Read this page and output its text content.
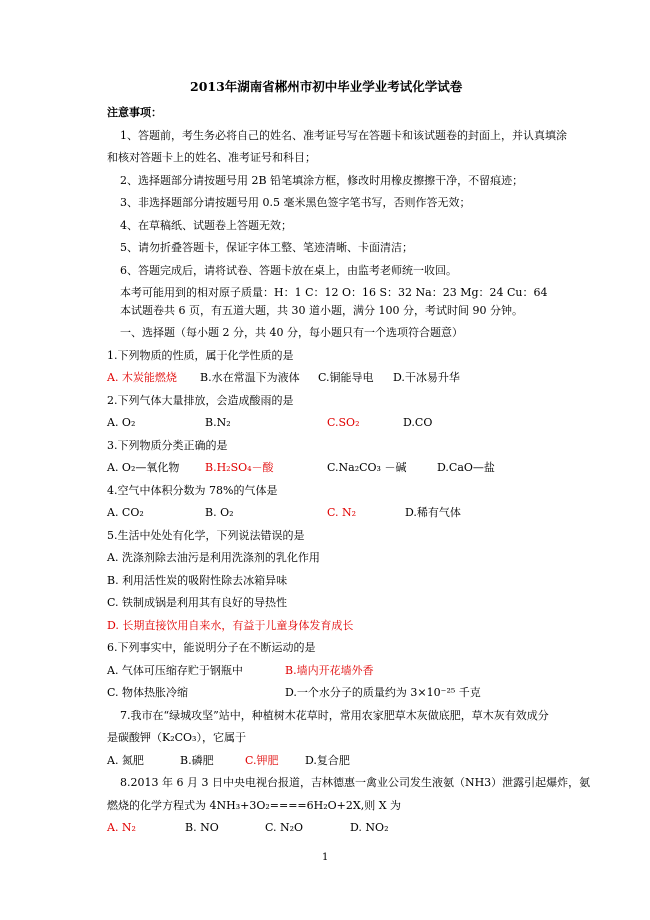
2013年湖南省郴州市初中毕业学业考试化学试卷
注意事项：
1、答题前，考生务必将自己的姓名、准考证号写在答题卡和该试题卷的封面上，并认真填涂
和核对答题卡上的姓名、准考证号和科目；
2、选择题部分请按题号用 2B 铅笔填涂方框，修改时用橡皮擦擦干净，不留痕迹；
3、非选择题部分请按题号用 0.5 毫米黑色签字笔书写，否则作答无效；
4、在草稿纸、试题卷上答题无效；
5、请勿折叠答题卡，保证字体工整、笔迹清晰、卡面清洁；
6、答题完成后，请将试卷、答题卡放在桌上，由监考老师统一收回。
本考可能用到的相对原子质量：H：1 C：12 O：16 S：32 Na：23 Mg：24 Cu：64
本试题卷共 6 页，有五道大题，共 30 道小题，满分 100 分，考试时间 90 分钟。
一、选择题（每小题 2 分，共 40 分，每小题只有一个选项符合题意）
1.下列物质的性质，属于化学性质的是
A. 木炭能燃烧 B.水在常温下为液体 C.铜能导电 D.干冰易升华
2.下列气体大量排放，会造成酸雨的是
A. O₂	B.N₂	C.SO₂	D.CO
3.下列物质分类正确的是
A. O₂—氧化物 B.H₂SO₄－酸	C.Na₂CO₃ －碱	D.CaO—盐
4.空气中体积分数为 78%的气体是
A. CO₂	B. O₂	C. N₂	D.稀有气体
5.生活中处处有化学，下列说法错误的是
A. 洗涤剂除去油污是利用洗涤剂的乳化作用
B. 利用活性炭的吸附性除去冰箱异味
C. 铁制成锅是利用其有良好的导热性
D. 长期直接饮用自来水，有益于儿童身体发育成长
6.下列事实中，能说明分子在不断运动的是
A. 气体可压缩存贮于钢瓶中	B.墙内开花墙外香
C. 物体热胀冷缩	D.一个水分子的质量约为 3×10⁻²⁵ 千克
7.我市在“绿城攻坚”站中，种植树木花草时，常用农家肥草木灰做底肥，草木灰有效成分
是碳酸钾（K₂CO₃），它属于
A. 氮肥	B.磷肥	C.钾肥 D.复合肥
8.2013 年 6 月 3 日中央电视台报道，吉林德惠一禽业公司发生液氨（NH3）泄露引起爆炸，氨
燃烧的化学方程式为 4NH₃+3O₂====6H₂O+2X,则 X 为
A. N₂	B. NO	C. N₂O	D. NO₂
1
